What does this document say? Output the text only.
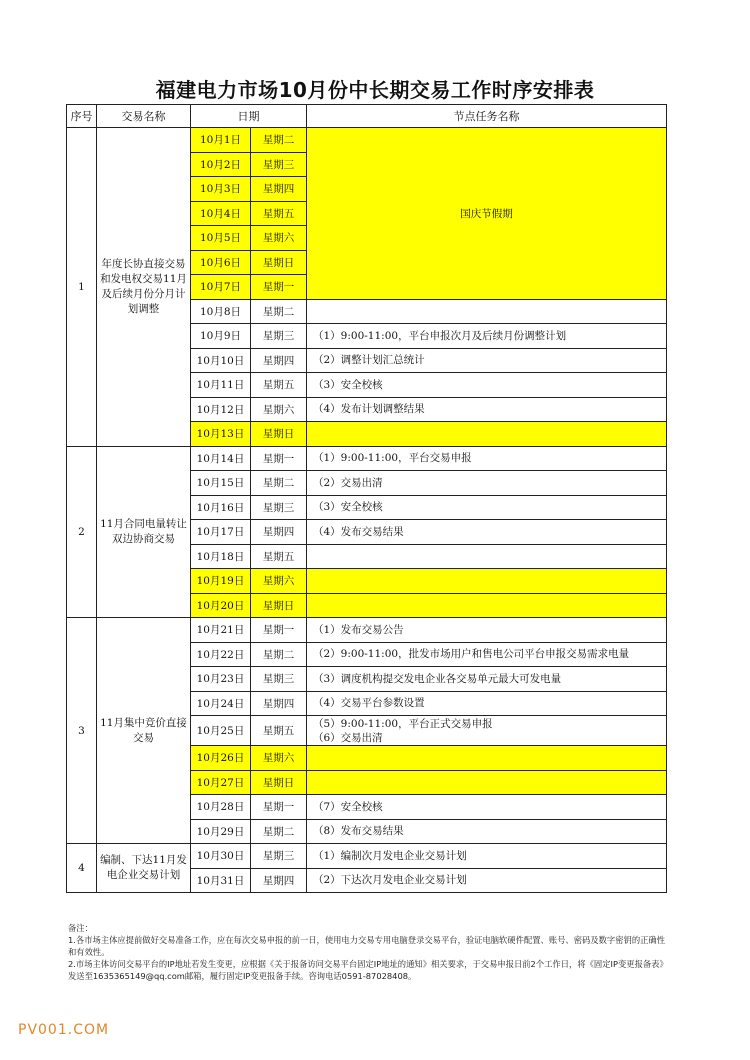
福建电力市场10月份中长期交易工作时序安排表
序号	交易名称	日期		节点任务名称
1	年度长协直接交易和发电权交易11月及后续月份分月计划调整	10月1日	星期二	国庆节假期
		10月2日	星期三	
		10月3日	星期四	
		10月4日	星期五	
		10月5日	星期六	
		10月6日	星期日	
		10月7日	星期一	
		10月8日	星期二	
		10月9日	星期三	（1）9:00-11:00，平台申报次月及后续月份调整计划
		10月10日	星期四	（2）调整计划汇总统计
		10月11日	星期五	（3）安全校核
		10月12日	星期六	（4）发布计划调整结果
		10月13日	星期日	
2	11月合同电量转让双边协商交易	10月14日	星期一	（1）9:00-11:00，平台交易申报
		10月15日	星期二	（2）交易出清
		10月16日	星期三	（3）安全校核
		10月17日	星期四	（4）发布交易结果
		10月18日	星期五	
		10月19日	星期六	
		10月20日	星期日	
3	11月集中竞价直接交易	10月21日	星期一	（1）发布交易公告
		10月22日	星期二	（2）9:00-11:00，批发市场用户和售电公司平台申报交易需求电量
		10月23日	星期三	（3）调度机构提交发电企业各交易单元最大可发电量
		10月24日	星期四	（4）交易平台参数设置
		10月25日	星期五	（5）9:00-11:00，平台正式交易申报
（6）交易出清

		10月26日	星期六	
		10月27日	星期日	
		10月28日	星期一	（7）安全校核
		10月29日	星期二	（8）发布交易结果
4	编制、下达11月发电企业交易计划	10月30日	星期三	（1）编制次月发电企业交易计划
		10月31日	星期四	（2）下达次月发电企业交易计划

备注：

1.各市场主体应提前做好交易准备工作，应在每次交易申报的前一日，使用电力交易专用电脑登录交易平台，验证电脑软硬件配置、账号、密码及数字密钥的正确性和有效性。

2.市场主体访问交易平台的IP地址若发生变更，应根据《关于报备访问交易平台固定IP地址的通知》相关要求，于交易申报日前2个工作日，将《固定IP变更报备表》发送至1635365149@qq.com邮箱，履行固定IP变更报备手续。咨询电话0591-87028408。

PV001.COM
